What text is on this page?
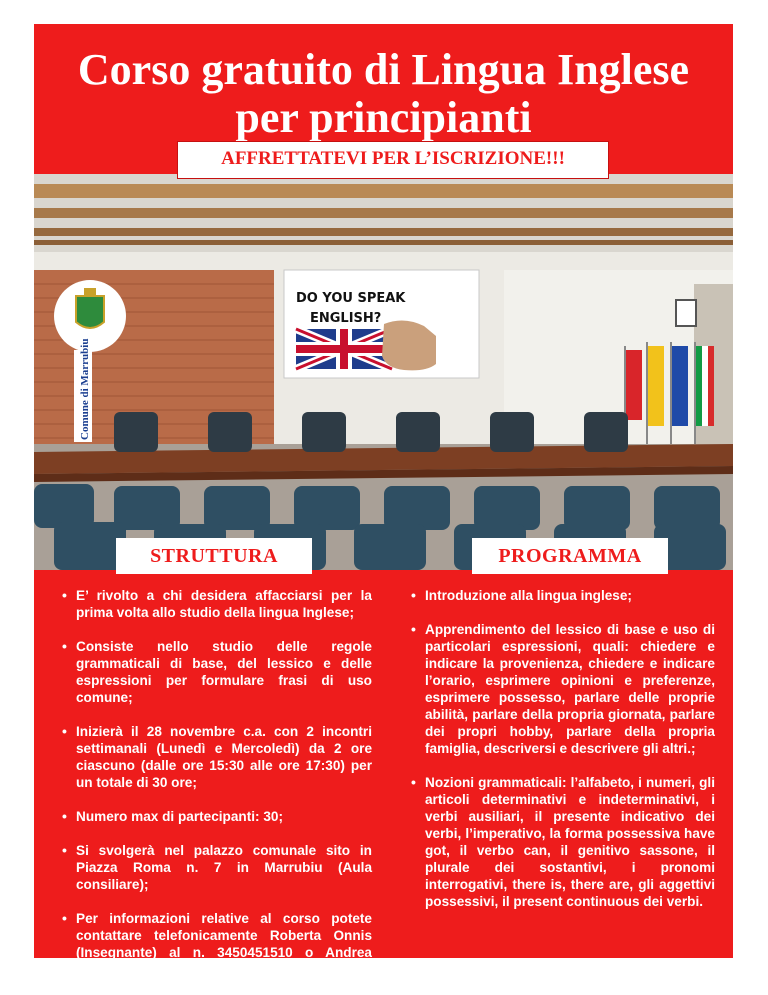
Corso gratuito di Lingua Inglese
per principianti
DO YOU SPEAK
ENGLISH?
Comune di Marrubiu
AFFRETTATEVI PER L’ISCRIZIONE!!!
STRUTTURA	PROGRAMMA
• E’ rivolto a chi desidera affacciarsi per la prima volta allo studio della lingua Inglese;
• Consiste nello studio delle regole grammaticali di base, del lessico e delle espressioni per formulare frasi di uso comune;
• Inizierà il 28 novembre c.a. con 2 incontri settimanali (Lunedì e Mercoledì) da 2 ore ciascuno (dalle ore 15:30 alle ore 17:30) per un totale di 30 ore;
• Numero max di partecipanti: 30;
• Si svolgerà nel palazzo comunale sito in Piazza Roma n. 7 in Marrubiu (Aula consiliare);
• Per informazioni relative al corso potete contattare telefonicamente Roberta Onnis (Insegnante) al n. 3450451510 o Andrea Santucciu (Sindaco) al n. 3474110095.
• Introduzione alla lingua inglese;
• Apprendimento del lessico di base e uso di particolari espressioni, quali: chiedere e indicare la provenienza, chiedere e indicare l’orario, esprimere opinioni e preferenze, esprimere possesso, parlare delle proprie abilità, parlare della propria giornata, parlare dei propri hobby, parlare della propria famiglia, descriversi e descrivere gli altri.;
• Nozioni grammaticali: l’alfabeto, i numeri, gli articoli determinativi e indeterminativi, i verbi ausiliari, il presente indicativo dei verbi, l’imperativo, la forma possessiva have got, il verbo can, il genitivo sassone, il plurale dei sostantivi, i pronomi interrogativi, there is, there are, gli aggettivi possessivi, il present continuous dei verbi.
